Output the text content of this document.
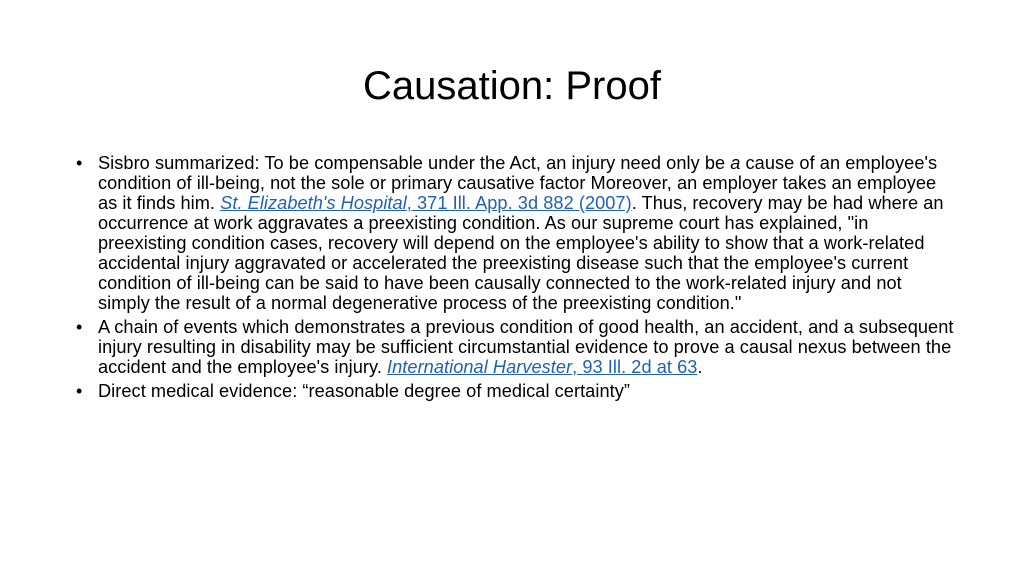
Causation: Proof
• Sisbro summarized: To be compensable under the Act, an injury need only be a cause of an employee's condition of ill-being, not the sole or primary causative factor Moreover, an employer takes an employee as it finds him. St. Elizabeth's Hospital, 371 Ill. App. 3d 882 (2007). Thus, recovery may be had where an occurrence at work aggravates a preexisting condition. As our supreme court has explained, "in preexisting condition cases, recovery will depend on the employee's ability to show that a work-related accidental injury aggravated or accelerated the preexisting disease such that the employee's current condition of ill-being can be said to have been causally connected to the work-related injury and not simply the result of a normal degenerative process of the preexisting condition."
• A chain of events which demonstrates a previous condition of good health, an accident, and a subsequent injury resulting in disability may be sufficient circumstantial evidence to prove a causal nexus between the accident and the employee's injury. International Harvester, 93 Ill. 2d at 63.
• Direct medical evidence: “reasonable degree of medical certainty”
